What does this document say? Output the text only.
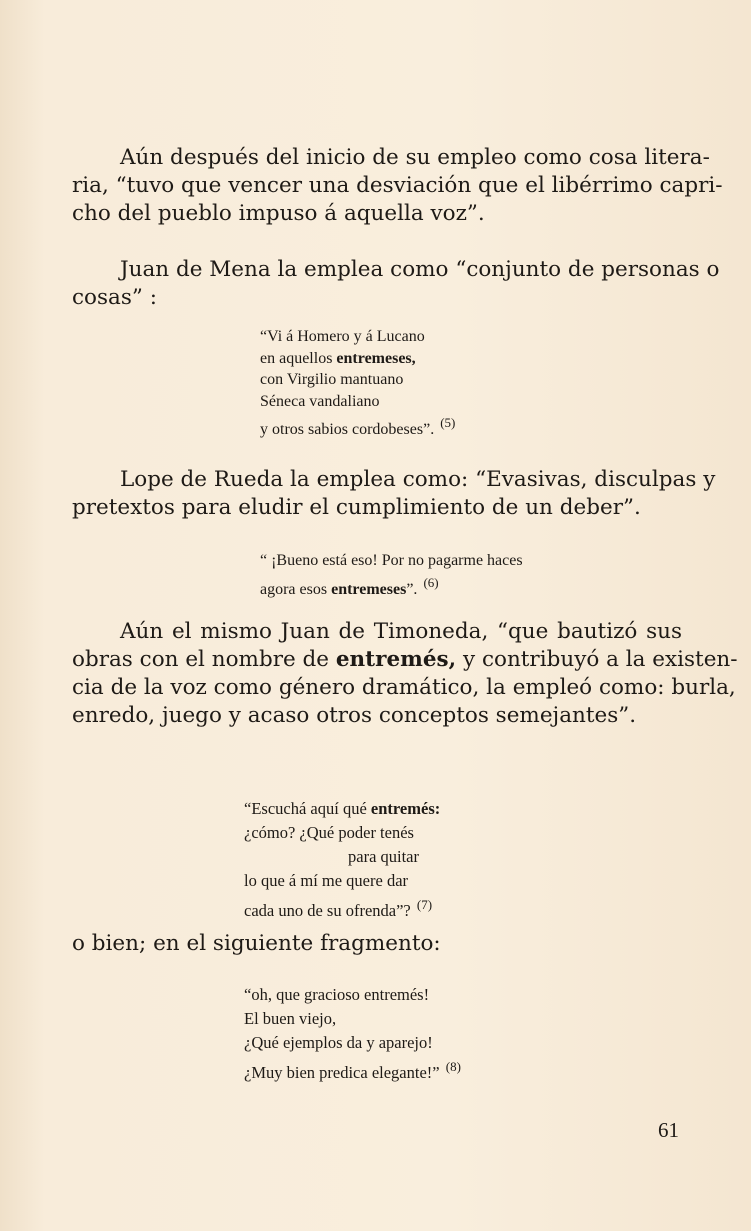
Aún después del inicio de su empleo como cosa litera-
ria, “tuvo que vencer una desviación que el libérrimo capri-
cho del pueblo impuso á aquella voz”.
Juan de Mena la emplea como “conjunto de personas o
cosas” :
“Vi á Homero y á Lucano
en aquellos entremeses,
con Virgilio mantuano
Séneca vandaliano
y otros sabios cordobeses”. $^{(5)}$
Lope de Rueda la emplea como: “Evasivas, disculpas y
pretextos para eludir el cumplimiento de un deber”.
“ ¡Bueno está eso! Por no pagarme haces
agora esos entremeses”. $^{(6)}$
Aún el mismo Juan de Timoneda, “que bautizó sus
obras con el nombre de entremés, y contribuyó a la existen-
cia de la voz como género dramático, la empleó como: burla,
enredo, juego y acaso otros conceptos semejantes”.
“Escuchá aquí qué entremés:
¿cómo? ¿Qué poder tenés
para quitar
lo que á mí me quere dar
cada uno de su ofrenda”? $^{(7)}$
o bien; en el siguiente fragmento:
“oh, que gracioso entremés!
El buen viejo,
¿Qué ejemplos da y aparejo!
¿Muy bien predica elegante!” $^{(8)}$
61
